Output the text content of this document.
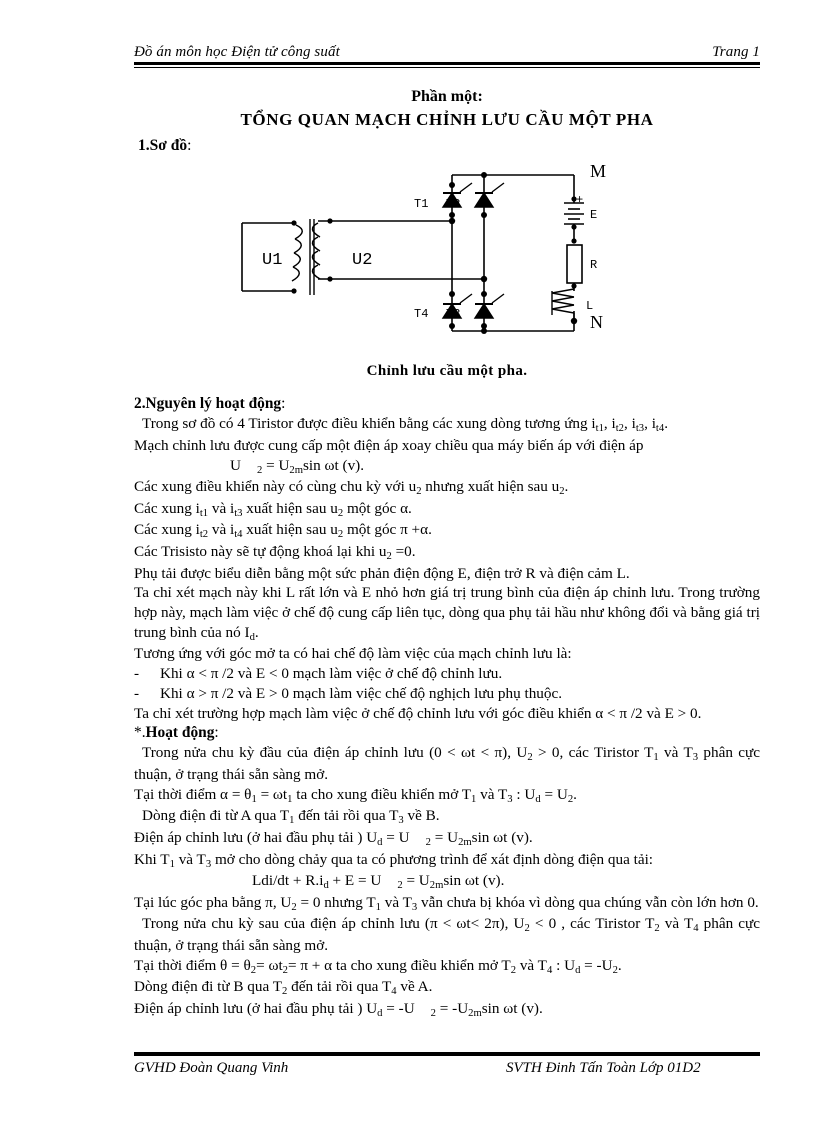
Đồ án môn học Điện tử công suất	Trang 1
Phần một:
TỔNG QUAN MẠCH CHỈNH LƯU CẦU MỘT PHA
1.Sơ đồ:
U1	U2
T1 T2
T4 T3
M
N
E
R
L
+
Chỉnh lưu cầu một pha.

2.Nguyên lý hoạt động:

Trong sơ đồ có 4 Tiristor được điều khiển bằng các xung dòng tương ứng $i_{t1}$, $i_{t2}$, $i_{t3}$, $i_{t4}$.

Mạch chỉnh lưu được cung cấp một điện áp xoay chiều qua máy biến áp với điện áp

U $_2 = U_{2m}\sin$ ωt (v).

Các xung điều khiển này có cùng chu kỳ với $u_2$ nhưng xuất hiện sau $u_2$.

Các xung $i_{t1}$ và $i_{t3}$ xuất hiện sau $u_2$ một góc α.

Các xung $i_{t2}$ và $i_{t4}$ xuất hiện sau $u_2$ một góc π +α.

Các Trisisto này sẽ tự động khoá lại khi $u_2 =0$.

Phụ tải được biểu diễn bằng một sức phản điện động E, điện trở R và điện cảm L.

Ta chỉ xét mạch này khi L rất lớn và E nhỏ hơn giá trị trung bình của điện áp chỉnh lưu. Trong trường hợp này, mạch làm việc ở chế độ cung cấp liên tục, dòng qua phụ tải hầu như không đổi và bằng giá trị trung bình của nó $I_d$.

Tương ứng với góc mở ta có hai chế độ làm việc của mạch chỉnh lưu là:

-	Khi α < π /2 và E < 0 mạch làm việc ở chế độ chỉnh lưu.
-	Khi α > π /2 và E > 0 mạch làm việc chế độ nghịch lưu phụ thuộc.

Ta chỉ xét trường hợp mạch làm việc ở chế độ chỉnh lưu với góc điều khiển α < π /2 và E > 0.

*.Hoạt động:

Trong nửa chu kỳ đầu của điện áp chỉnh lưu (0 < ωt < π), $U_2 > 0$, các Tiristor $T_1$ và $T_3$ phân cực thuận, ở trạng thái sẵn sàng mở.

Tại thời điểm $\alpha = \theta_1 = \omega t_1$ ta cho xung điều khiển mở $T_1$ và $T_3$ : $U_d = U_2$.

Dòng điện đi từ A qua $T_1$ đến tải rồi qua $T_3$ về B.

Điện áp chỉnh lưu (ở hai đầu phụ tải ) $U_d = U$ $_2 = U_{2m}\sin$ ωt (v).

Khi $T_1$ và $T_3$ mở cho dòng chảy qua ta có phương trình để xát định dòng điện qua tải:

$Ldi/dt + R.i_d + E = U$ $_2 = U_{2m}\sin$ ωt (v).

Tại lúc góc pha bằng π, $U_2 = 0$ nhưng $T_1$ và $T_3$ vẫn chưa bị khóa vì dòng qua chúng vẫn còn lớn hơn 0.

Trong nửa chu kỳ sau của điện áp chỉnh lưu (π < ωt< 2π), $U_2 < 0$ , các Tiristor $T_2$ và $T_4$ phân cực thuận, ở trạng thái sẵn sàng mở.

Tại thời điểm $\theta = \theta_2= \omega t_2= \pi + \alpha$ ta cho xung điều khiển mở $T_2$ và $T_4$ : $U_d = -U_2$.

Dòng điện đi từ B qua $T_2$ đến tải rồi qua $T_4$ về A.

Điện áp chỉnh lưu (ở hai đầu phụ tải ) $U_d = -U$ $_2 = -U_{2m}\sin$ ωt (v).

GVHD Đoàn Quang Vinh	SVTH Đinh Tấn Toàn Lớp 01D2
